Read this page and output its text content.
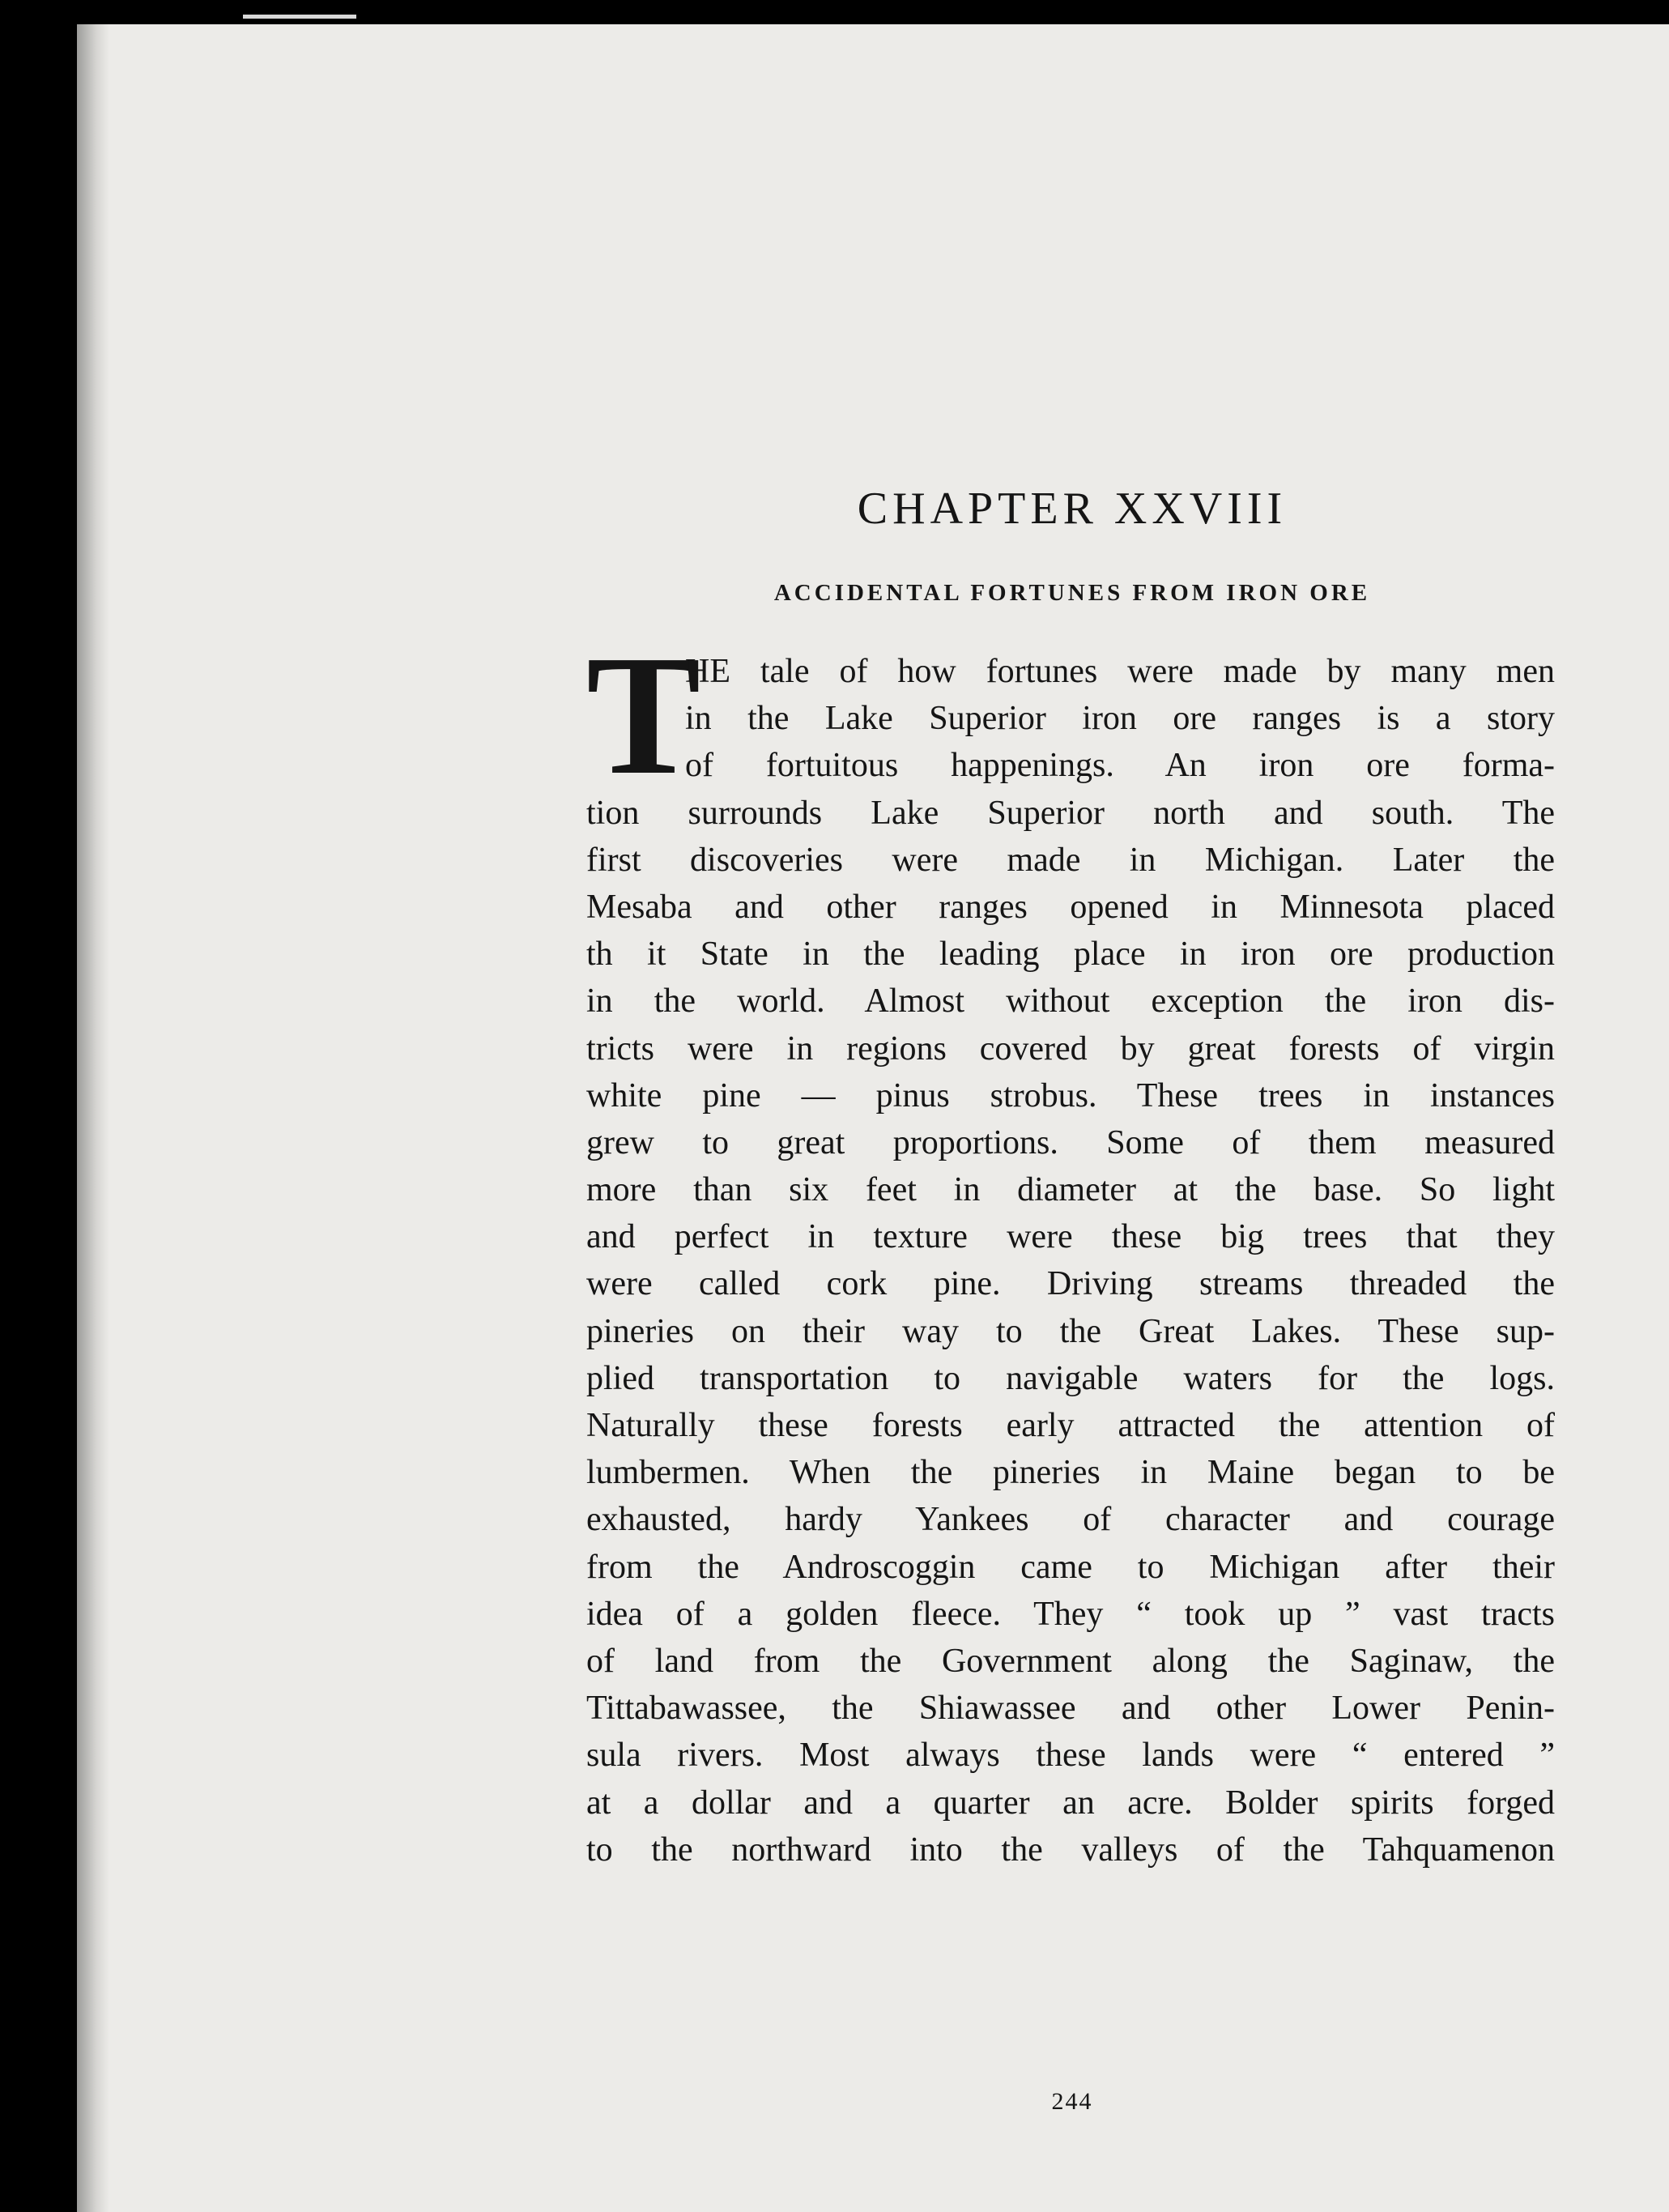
CHAPTER XXVIII
ACCIDENTAL FORTUNES FROM IRON ORE
T
HE tale of how fortunes were made by many men
in the Lake Superior iron ore ranges is a story
of fortuitous happenings. An iron ore forma-
tion surrounds Lake Superior north and south. The
first discoveries were made in Michigan. Later the
Mesaba and other ranges opened in Minnesota placed
th it State in the leading place in iron ore production
in the world. Almost without exception the iron dis-
tricts were in regions covered by great forests of virgin
white pine — pinus strobus. These trees in instances
grew to great proportions. Some of them measured
more than six feet in diameter at the base. So light
and perfect in texture were these big trees that they
were called cork pine. Driving streams threaded the
pineries on their way to the Great Lakes. These sup-
plied transportation to navigable waters for the logs.
Naturally these forests early attracted the attention of
lumbermen. When the pineries in Maine began to be
exhausted, hardy Yankees of character and courage
from the Androscoggin came to Michigan after their
idea of a golden fleece. They “ took up ” vast tracts
of land from the Government along the Saginaw, the
Tittabawassee, the Shiawassee and other Lower Penin-
sula rivers. Most always these lands were “ entered ”
at a dollar and a quarter an acre. Bolder spirits forged
to the northward into the valleys of the Tahquamenon

244
